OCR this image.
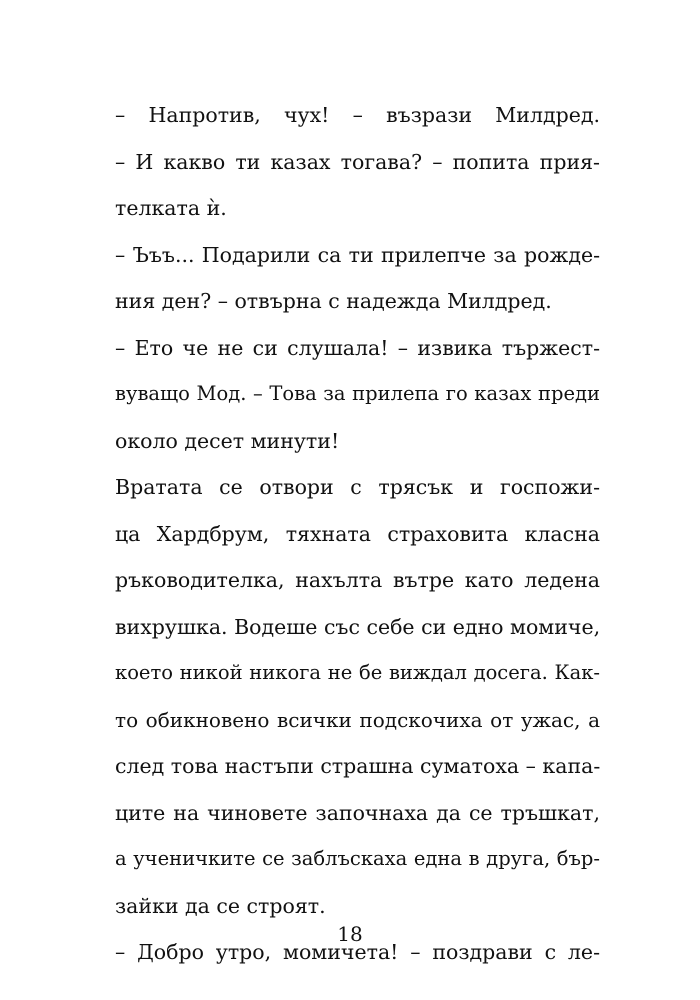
– Напротив, чух! – възрази Милдред.
– И какво ти казах тогава? – попита прия-
телката ѝ.
– Ъъъ... Подарили са ти прилепче за рожде-
ния ден? – отвърна с надежда Милдред.
– Ето че не си слушала! – извика тържест-
вуващо Мод. – Това за прилепа го казах преди
около десет минути!
Вратата се отвори с трясък и госпожи-
ца Хардбрум, тяхната страховита класна
ръководителка, нахълта вътре като ледена
вихрушка. Водеше със себе си едно момиче,
което никой никога не бе виждал досега. Как-
то обикновено всички подскочиха от ужас, а
след това настъпи страшна суматоха – капа-
ците на чиновете започнаха да се тръшкат,
а ученичките се заблъскаха една в друга, бър-
зайки да се строят.
– Добро утро, момичета! – поздрави с ле-
18
